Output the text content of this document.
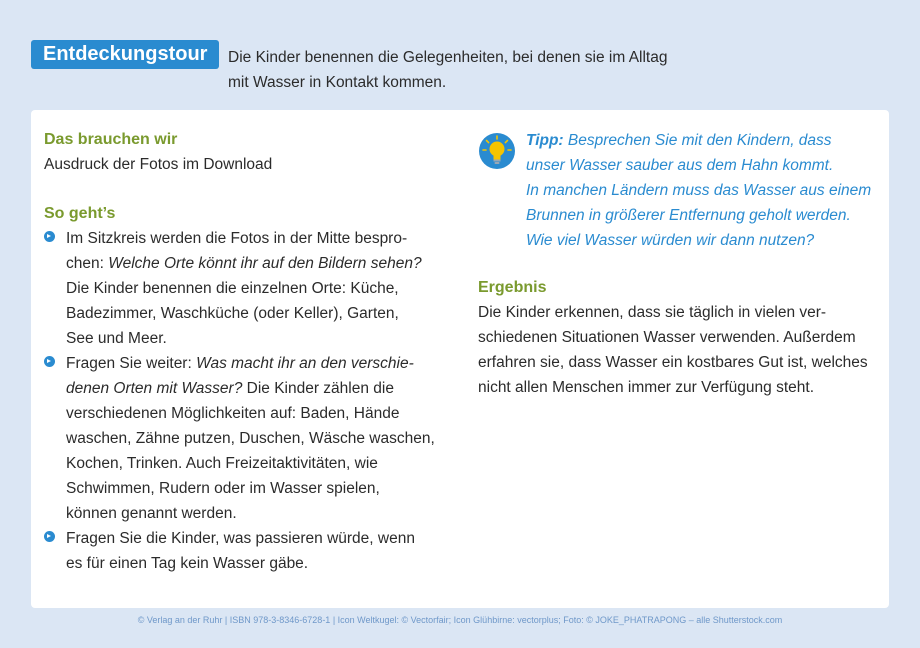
Entdeckungstour	Die Kinder benennen die Gelegenheiten, bei denen sie im Alltag
mit Wasser in Kontakt kommen.

Das brauchen wir

Ausdruck der Fotos im Download

So geht’s

Im Sitzkreis werden die Fotos in der Mitte bespro-
chen: Welche Orte könnt ihr auf den Bildern sehen?
Die Kinder benennen die einzelnen Orte: Küche,
Badezimmer, Waschküche (oder Keller), Garten,
See und Meer.
Fragen Sie weiter: Was macht ihr an den verschie-
denen Orten mit Wasser? Die Kinder zählen die
verschiedenen Möglichkeiten auf: Baden, Hände
waschen, Zähne putzen, Duschen, Wäsche waschen,
Kochen, Trinken. Auch Freizeitaktivitäten, wie
Schwimmen, Rudern oder im Wasser spielen,
können genannt werden.
Fragen Sie die Kinder, was passieren würde, wenn
es für einen Tag kein Wasser gäbe.
Tipp: Besprechen Sie mit den Kindern, dass
unser Wasser sauber aus dem Hahn kommt.
In manchen Ländern muss das Wasser aus einem
Brunnen in größerer Entfernung geholt werden.
Wie viel Wasser würden wir dann nutzen?

Ergebnis

Die Kinder erkennen, dass sie täglich in vielen ver-
schiedenen Situationen Wasser verwenden. Außerdem
erfahren sie, dass Wasser ein kostbares Gut ist, welches
nicht allen Menschen immer zur Verfügung steht.
© Verlag an der Ruhr | ISBN 978-3-8346-6728-1 | Icon Weltkugel: © Vectorfair; Icon Glühbirne: vectorplus; Foto: © JOKE_PHATRAPONG – alle Shutterstock.com
